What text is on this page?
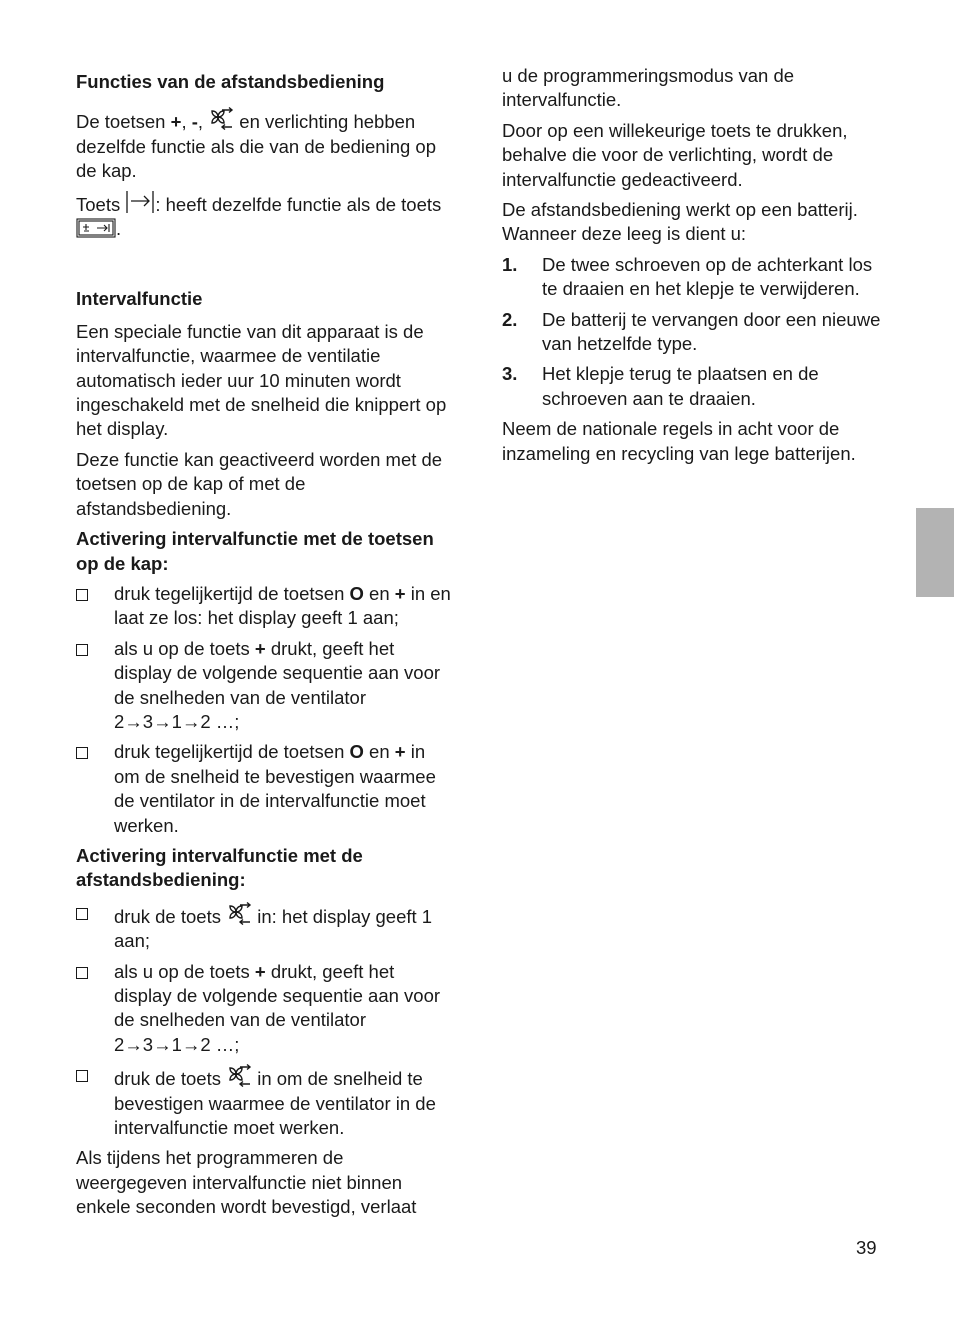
Functies van de afstandsbediening

De toetsen +, -,  en verlichting hebben dezelfde functie als die van de bediening op de kap.

Toets : heeft dezelfde functie als de toets .

Intervalfunctie

Een speciale functie van dit apparaat is de intervalfunctie, waarmee de ventilatie automatisch ieder uur 10 minuten wordt ingeschakeld met de snelheid die knippert op het display.

Deze functie kan geactiveerd worden met de toetsen op de kap of met de afstandsbediening.

Activering intervalfunctie met de toetsen op de kap:
druk tegelijkertijd de toetsen O en + in en laat ze los: het display geeft 1 aan;
als u op de toets + drukt, geeft het display de volgende sequentie aan voor de snelheden van de ventilator 2→3→1→2 …;
druk tegelijkertijd de toetsen O en + in om de snelheid te bevestigen waarmee de ventilator in de intervalfunctie moet werken.
Activering intervalfunctie met de afstandsbediening:
druk de toets  in: het display geeft 1 aan;
als u op de toets + drukt, geeft het display de volgende sequentie aan voor de snelheden van de ventilator 2→3→1→2 …;
druk de toets  in om de snelheid te bevestigen waarmee de ventilator in de intervalfunctie moet werken.

Als tijdens het programmeren de weergegeven intervalfunctie niet binnen enkele seconden wordt bevestigd, verlaat

u de programmeringsmodus van de intervalfunctie.

Door op een willekeurige toets te drukken, behalve die voor de verlichting, wordt de intervalfunctie gedeactiveerd.

De afstandsbediening werkt op een batterij. Wanneer deze leeg is dient u:

1.	De twee schroeven op de achterkant los te draaien en het klepje te verwijderen.
2.	De batterij te vervangen door een nieuwe van hetzelfde type.
3.	Het klepje terug te plaatsen en de schroeven aan te draaien.

Neem de nationale regels in acht voor de inzameling en recycling van lege batterijen.

39
